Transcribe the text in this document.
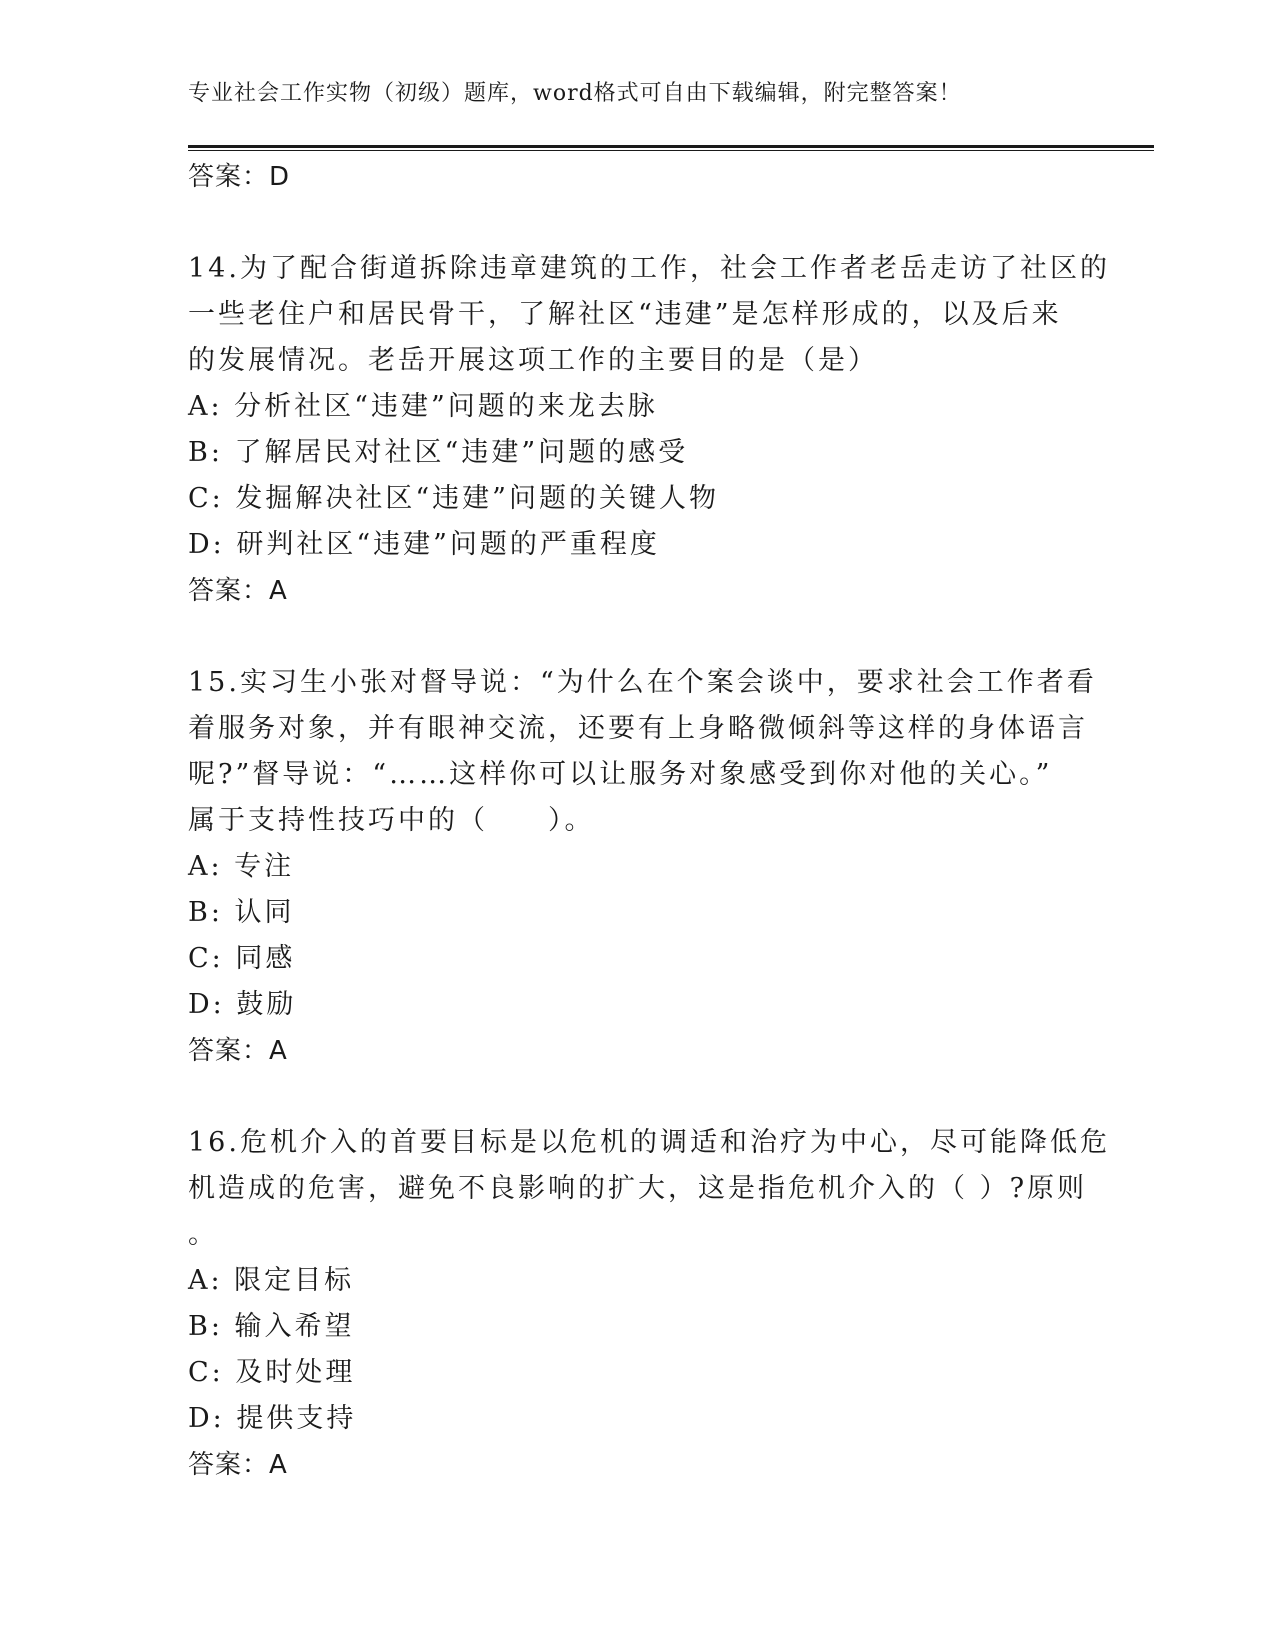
专业社会工作实物（初级）题库，word格式可自由下载编辑，附完整答案！
答案：D
14.为了配合街道拆除违章建筑的工作，社会工作者老岳走访了社区的
一些老住户和居民骨干，了解社区“违建”是怎样形成的，以及后来
的发展情况。老岳开展这项工作的主要目的是（是）
A: 分析社区“违建”问题的来龙去脉
B: 了解居民对社区“违建”问题的感受
C: 发掘解决社区“违建”问题的关键人物
D: 研判社区“违建”问题的严重程度
答案：A
15.实习生小张对督导说：“为什么在个案会谈中，要求社会工作者看
着服务对象，并有眼神交流，还要有上身略微倾斜等这样的身体语言
呢?”督导说：“……这样你可以让服务对象感受到你对他的关心。”
属于支持性技巧中的（　　）。
A: 专注
B: 认同
C: 同感
D: 鼓励
答案：A
16.危机介入的首要目标是以危机的调适和治疗为中心，尽可能降低危
机造成的危害，避免不良影响的扩大，这是指危机介入的（ ）?原则
。
A: 限定目标
B: 输入希望
C: 及时处理
D: 提供支持
答案：A
